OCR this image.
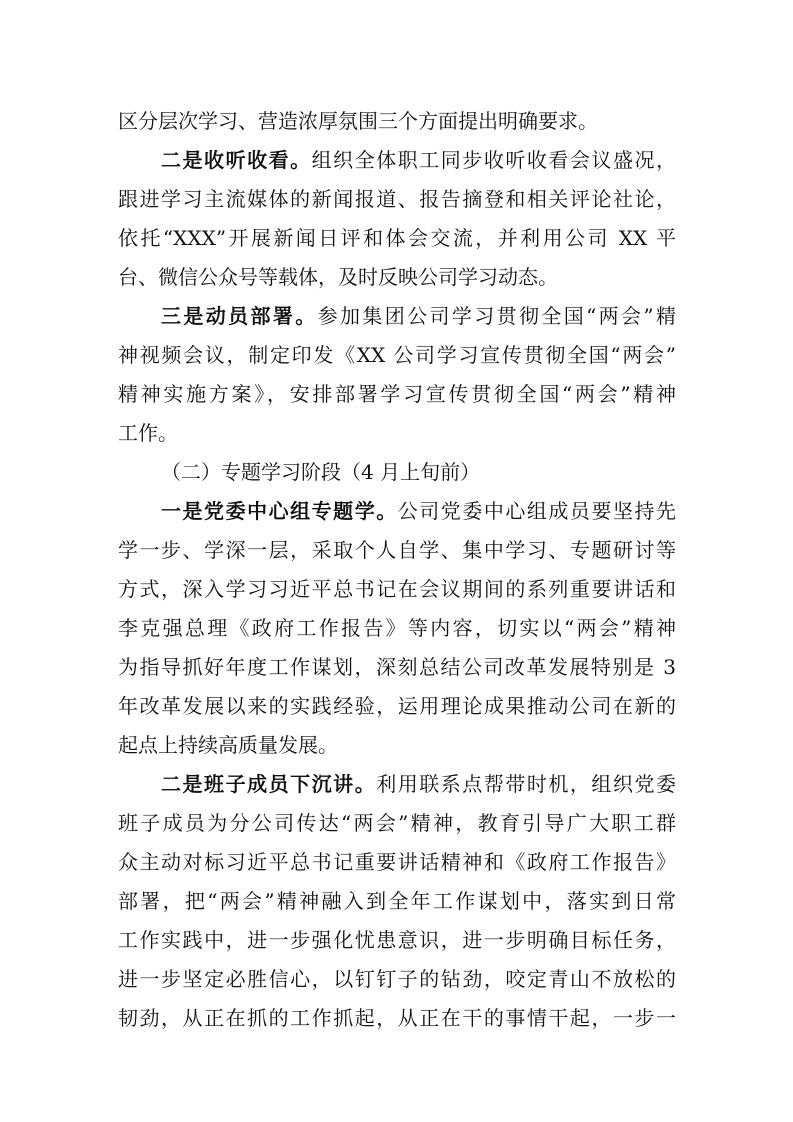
区分层次学习、营造浓厚氛围三个方面提出明确要求。
二是收听收看。组织全体职工同步收听收看会议盛况，
跟进学习主流媒体的新闻报道、报告摘登和相关评论社论，
依托“XXX”开展新闻日评和体会交流，并利用公司 XX 平
台、微信公众号等载体，及时反映公司学习动态。
三是动员部署。参加集团公司学习贯彻全国“两会”精
神视频会议，制定印发《XX 公司学习宣传贯彻全国“两会”
精神实施方案》，安排部署学习宣传贯彻全国“两会”精神
工作。
（二）专题学习阶段（4 月上旬前）
一是党委中心组专题学。公司党委中心组成员要坚持先
学一步、学深一层，采取个人自学、集中学习、专题研讨等
方式，深入学习习近平总书记在会议期间的系列重要讲话和
李克强总理《政府工作报告》等内容，切实以“两会”精神
为指导抓好年度工作谋划，深刻总结公司改革发展特别是 3
年改革发展以来的实践经验，运用理论成果推动公司在新的
起点上持续高质量发展。
二是班子成员下沉讲。利用联系点帮带时机，组织党委
班子成员为分公司传达“两会”精神，教育引导广大职工群
众主动对标习近平总书记重要讲话精神和《政府工作报告》
部署，把“两会”精神融入到全年工作谋划中，落实到日常
工作实践中，进一步强化忧患意识，进一步明确目标任务，
进一步坚定必胜信心，以钉钉子的钻劲，咬定青山不放松的
韧劲，从正在抓的工作抓起，从正在干的事情干起，一步一
